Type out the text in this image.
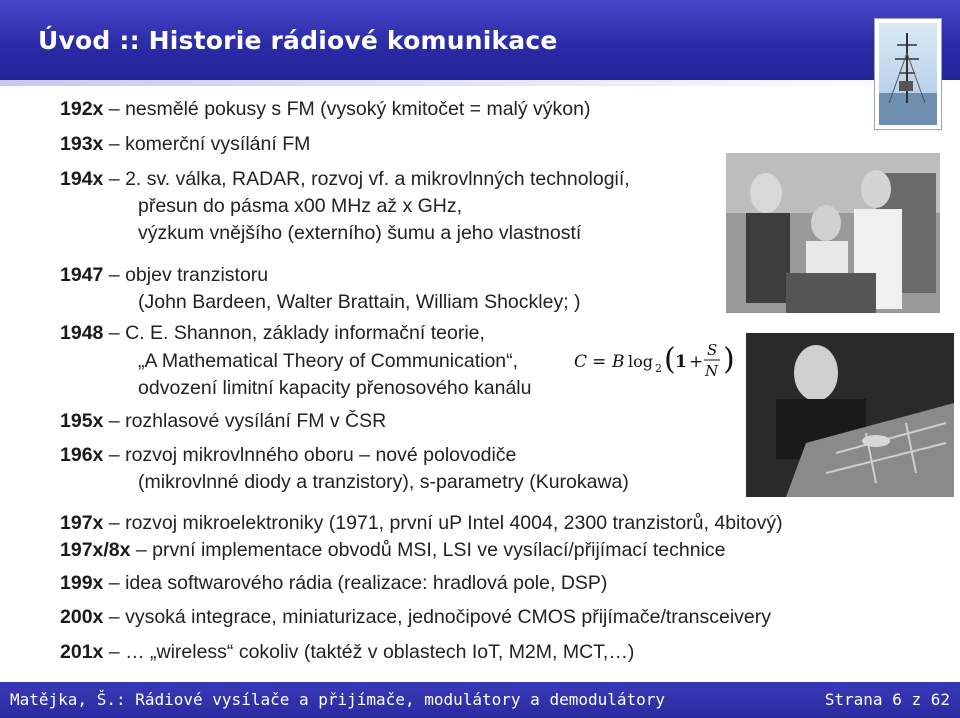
Úvod :: Historie rádiové komunikace
192x – nesmělé pokusy s FM (vysoký kmitočet = malý výkon)
193x – komerční vysílání FM
194x – 2. sv. válka, RADAR, rozvoj vf. a mikrovlnných technologií,
přesun do pásma x00 MHz až x GHz,
výzkum vnějšího (externího) šumu a jeho vlastností
1947 – objev tranzistoru
(John Bardeen, Walter Brattain, William Shockley; )
1948 – C. E. Shannon, základy informační teorie,
„A Mathematical Theory of Communication“,
odvození limitní kapacity přenosového kanálu
195x – rozhlasové vysílání FM v ČSR
196x – rozvoj mikrovlnného oboru – nové polovodiče
(mikrovlnné diody a tranzistory), s-parametry (Kurokawa)
197x – rozvoj mikroelektroniky (1971, první uP Intel 4004, 2300 tranzistorů, 4bitový)
197x/8x – první implementace obvodů MSI, LSI ve vysílací/přijímací technice
199x – idea softwarového rádia (realizace: hradlová pole, DSP)
200x – vysoká integrace, miniaturizace, jednočipové CMOS přijímače/transceivery
201x – … „wireless“ cokoliv (taktéž v oblastech IoT, M2M, MCT,…)
C = B log 2 ( 1 +
S
N )
Matějka, Š.: Rádiové vysílače a přijímače, modulátory a demodulátory	Strana 6 z 62
